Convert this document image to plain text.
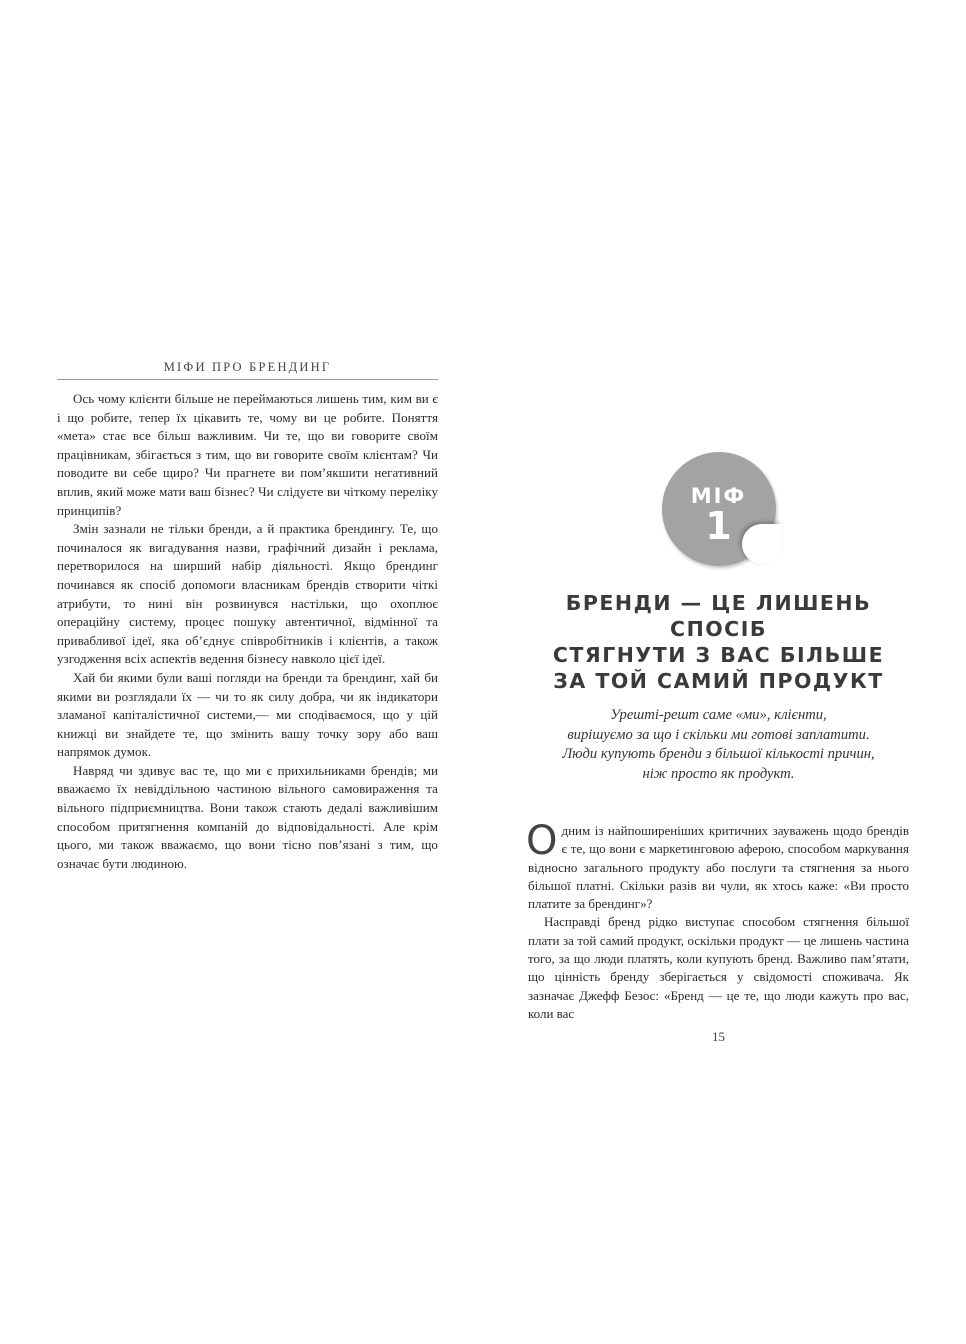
МІФИ ПРО БРЕНДИНГ

Ось чому клієнти більше не переймаються лишень тим, ким ви є і що робите, тепер їх цікавить те, чому ви це робите. Поняття «мета» стає все більш важливим. Чи те, що ви говорите своїм працівникам, збігається з тим, що ви говорите своїм клієнтам? Чи поводите ви себе щиро? Чи прагнете ви пом’якшити негативний вплив, який може мати ваш бізнес? Чи слідуєте ви чіткому переліку принципів?

Змін зазнали не тільки бренди, а й практика брендингу. Те, що починалося як вигадування назви, графічний дизайн і реклама, перетворилося на ширший набір діяльності. Якщо брендинг починався як спосіб допомоги власникам брендів створити чіткі атрибути, то нині він розвинувся настільки, що охоплює операційну систему, процес пошуку автентичної, відмінної та привабливої ідеї, яка об’єднує співробітників і клієнтів, а також узгодження всіх аспектів ведення бізнесу навколо цієї ідеї.

Хай би якими були ваші погляди на бренди та брендинг, хай би якими ви розглядали їх — чи то як силу добра, чи як індикатори зламаної капіталістичної системи,— ми сподіваємося, що у цій книжці ви знайдете те, що змінить вашу точку зору або ваш напрямок думок.

Навряд чи здивує вас те, що ми є прихильниками брендів; ми вважаємо їх невіддільною частиною вільного самовираження та вільного підприємництва. Вони також стають дедалі важливішим способом притягнення компаній до відповідальності. Але крім цього, ми також вважаємо, що вони тісно пов’язані з тим, що означає бути людиною.

МІФ
1
БРЕНДИ — ЦЕ ЛИШЕНЬ СПОСІБ
СТЯГНУТИ З ВАС БІЛЬШЕ
ЗА ТОЙ САМИЙ ПРОДУКТ
Урешті-решт саме «ми», клієнти,
вирішуємо за що і скільки ми готові заплатити.
Люди купують бренди з більшої кількості причин,
ніж просто як продукт.

Одним із найпоширеніших критичних зауважень щодо брендів є те, що вони є маркетинговою аферою, способом маркування відносно загального продукту або послуги та стягнення за нього більшої платні. Скільки разів ви чули, як хтось каже: «Ви просто платите за брендинг»?

Насправді бренд рідко виступає способом стягнення більшої плати за той самий продукт, оскільки продукт — це лишень частина того, за що люди платять, коли купують бренд. Важливо пам’ятати, що цінність бренду зберігається у свідомості споживача. Як зазначає Джефф Безос: «Бренд — це те, що люди кажуть про вас, коли вас

15
